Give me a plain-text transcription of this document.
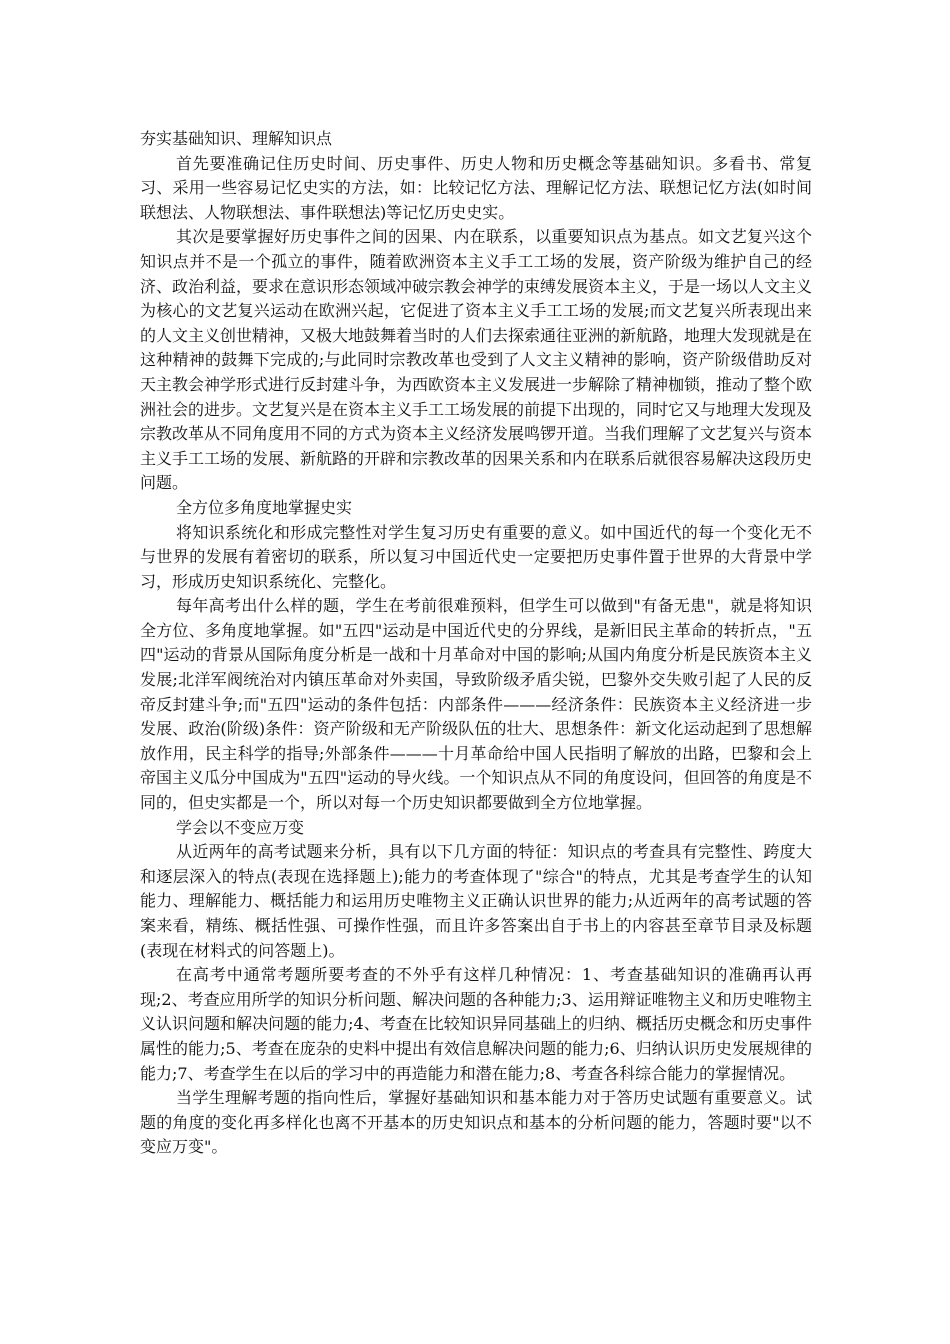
夯实基础知识、理解知识点

首先要准确记住历史时间、历史事件、历史人物和历史概念等基础知识。多看书、常复习、采用一些容易记忆史实的方法，如：比较记忆方法、理解记忆方法、联想记忆方法(如时间联想法、人物联想法、事件联想法)等记忆历史史实。

其次是要掌握好历史事件之间的因果、内在联系，以重要知识点为基点。如文艺复兴这个知识点并不是一个孤立的事件，随着欧洲资本主义手工工场的发展，资产阶级为维护自己的经济、政治利益，要求在意识形态领域冲破宗教会神学的束缚发展资本主义，于是一场以人文主义为核心的文艺复兴运动在欧洲兴起，它促进了资本主义手工工场的发展;而文艺复兴所表现出来的人文主义创世精神，又极大地鼓舞着当时的人们去探索通往亚洲的新航路，地理大发现就是在这种精神的鼓舞下完成的;与此同时宗教改革也受到了人文主义精神的影响，资产阶级借助反对天主教会神学形式进行反封建斗争，为西欧资本主义发展进一步解除了精神枷锁，推动了整个欧洲社会的进步。文艺复兴是在资本主义手工工场发展的前提下出现的，同时它又与地理大发现及宗教改革从不同角度用不同的方式为资本主义经济发展鸣锣开道。当我们理解了文艺复兴与资本主义手工工场的发展、新航路的开辟和宗教改革的因果关系和内在联系后就很容易解决这段历史问题。

全方位多角度地掌握史实

将知识系统化和形成完整性对学生复习历史有重要的意义。如中国近代的每一个变化无不与世界的发展有着密切的联系，所以复习中国近代史一定要把历史事件置于世界的大背景中学习，形成历史知识系统化、完整化。

每年高考出什么样的题，学生在考前很难预料，但学生可以做到"有备无患"，就是将知识全方位、多角度地掌握。如"五四"运动是中国近代史的分界线，是新旧民主革命的转折点，"五四"运动的背景从国际角度分析是一战和十月革命对中国的影响;从国内角度分析是民族资本主义发展;北洋军阀统治对内镇压革命对外卖国，导致阶级矛盾尖锐，巴黎外交失败引起了人民的反帝反封建斗争;而"五四"运动的条件包括：内部条件———经济条件：民族资本主义经济进一步发展、政治(阶级)条件：资产阶级和无产阶级队伍的壮大、思想条件：新文化运动起到了思想解放作用，民主科学的指导;外部条件———十月革命给中国人民指明了解放的出路，巴黎和会上帝国主义瓜分中国成为"五四"运动的导火线。一个知识点从不同的角度设问，但回答的角度是不同的，但史实都是一个，所以对每一个历史知识都要做到全方位地掌握。

学会以不变应万变

从近两年的高考试题来分析，具有以下几方面的特征：知识点的考查具有完整性、跨度大和逐层深入的特点(表现在选择题上);能力的考查体现了"综合"的特点，尤其是考查学生的认知能力、理解能力、概括能力和运用历史唯物主义正确认识世界的能力;从近两年的高考试题的答案来看，精练、概括性强、可操作性强，而且许多答案出自于书上的内容甚至章节目录及标题(表现在材料式的问答题上)。

在高考中通常考题所要考查的不外乎有这样几种情况：1、考查基础知识的准确再认再现;2、考查应用所学的知识分析问题、解决问题的各种能力;3、运用辩证唯物主义和历史唯物主义认识问题和解决问题的能力;4、考查在比较知识异同基础上的归纳、概括历史概念和历史事件属性的能力;5、考查在庞杂的史料中提出有效信息解决问题的能力;6、归纳认识历史发展规律的能力;7、考查学生在以后的学习中的再造能力和潜在能力;8、考查各科综合能力的掌握情况。

当学生理解考题的指向性后，掌握好基础知识和基本能力对于答历史试题有重要意义。试题的角度的变化再多样化也离不开基本的历史知识点和基本的分析问题的能力，答题时要"以不变应万变"。
